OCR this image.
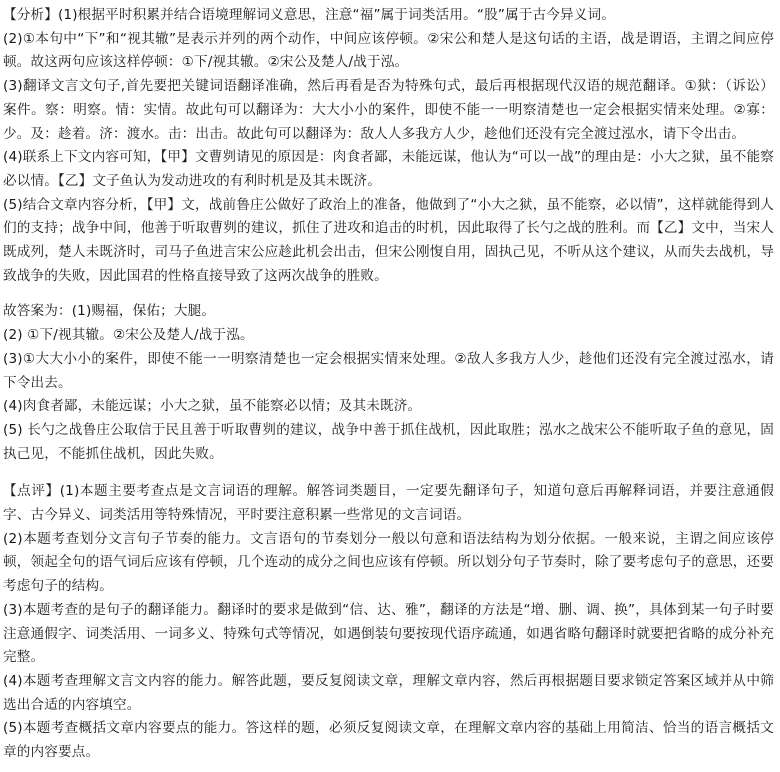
【分析】(1)根据平时积累并结合语境理解词义意思，注意“福”属于词类活用。“股”属于古今异义词。

(2)①本句中“下”和“视其辙”是表示并列的两个动作，中间应该停顿。②宋公和楚人是这句话的主语，战是谓语，主谓之间应停顿。故这两句应该这样停顿：①下/视其辙。②宋公及楚人/战于泓。

(3)翻译文言文句子,首先要把关键词语翻译准确，然后再看是否为特殊句式，最后再根据现代汉语的规范翻译。①狱：（诉讼）案件。察：明察。情：实情。故此句可以翻译为：大大小小的案件，即使不能一一明察清楚也一定会根据实情来处理。②寡：少。及：趁着。济：渡水。击：出击。故此句可以翻译为：敌人人多我方人少，趁他们还没有完全渡过泓水，请下令出击。

(4)联系上下文内容可知，【甲】文曹刿请见的原因是：肉食者鄙，未能远谋，他认为“可以一战”的理由是：小大之狱，虽不能察必以情。【乙】文子鱼认为发动进攻的有利时机是及其未既济。

(5)结合文章内容分析，【甲】文，战前鲁庄公做好了政治上的准备，他做到了“小大之狱，虽不能察，必以情”，这样就能得到人们的支持；战争中间，他善于听取曹刿的建议，抓住了进攻和追击的时机，因此取得了长勺之战的胜利。而【乙】文中，当宋人既成列，楚人未既济时，司马子鱼进言宋公应趁此机会出击，但宋公刚愎自用，固执己见，不听从这个建议，从而失去战机，导致战争的失败，因此国君的性格直接导致了这两次战争的胜败。

故答案为：(1)赐福，保佑；大腿。

(2) ①下/视其辙。②宋公及楚人/战于泓。

(3)①大大小小的案件，即使不能一一明察清楚也一定会根据实情来处理。②敌人多我方人少，趁他们还没有完全渡过泓水，请下令出去。

(4)肉食者鄙，未能远谋；小大之狱，虽不能察必以情；及其未既济。

(5) 长勺之战鲁庄公取信于民且善于听取曹刿的建议，战争中善于抓住战机，因此取胜；泓水之战宋公不能听取子鱼的意见，固执己见，不能抓住战机，因此失败。

【点评】(1)本题主要考查点是文言词语的理解。解答词类题目，一定要先翻译句子，知道句意后再解释词语，并要注意通假字、古今异义、词类活用等特殊情况，平时要注意积累一些常见的文言词语。

(2)本题考查划分文言句子节奏的能力。文言语句的节奏划分一般以句意和语法结构为划分依据。一般来说，主谓之间应该停顿，领起全句的语气词后应该有停顿，几个连动的成分之间也应该有停顿。所以划分句子节奏时，除了要考虑句子的意思，还要考虑句子的结构。

(3)本题考查的是句子的翻译能力。翻译时的要求是做到“信、达、雅”，翻译的方法是“增、删、调、换”，具体到某一句子时要注意通假字、词类活用、一词多义、特殊句式等情况，如遇倒装句要按现代语序疏通，如遇省略句翻译时就要把省略的成分补充完整。

(4)本题考查理解文言文内容的能力。解答此题，要反复阅读文章，理解文章内容，然后再根据题目要求锁定答案区域并从中筛选出合适的内容填空。

(5)本题考查概括文章内容要点的能力。答这样的题，必须反复阅读文章，在理解文章内容的基础上用简洁、恰当的语言概括文章的内容要点。
